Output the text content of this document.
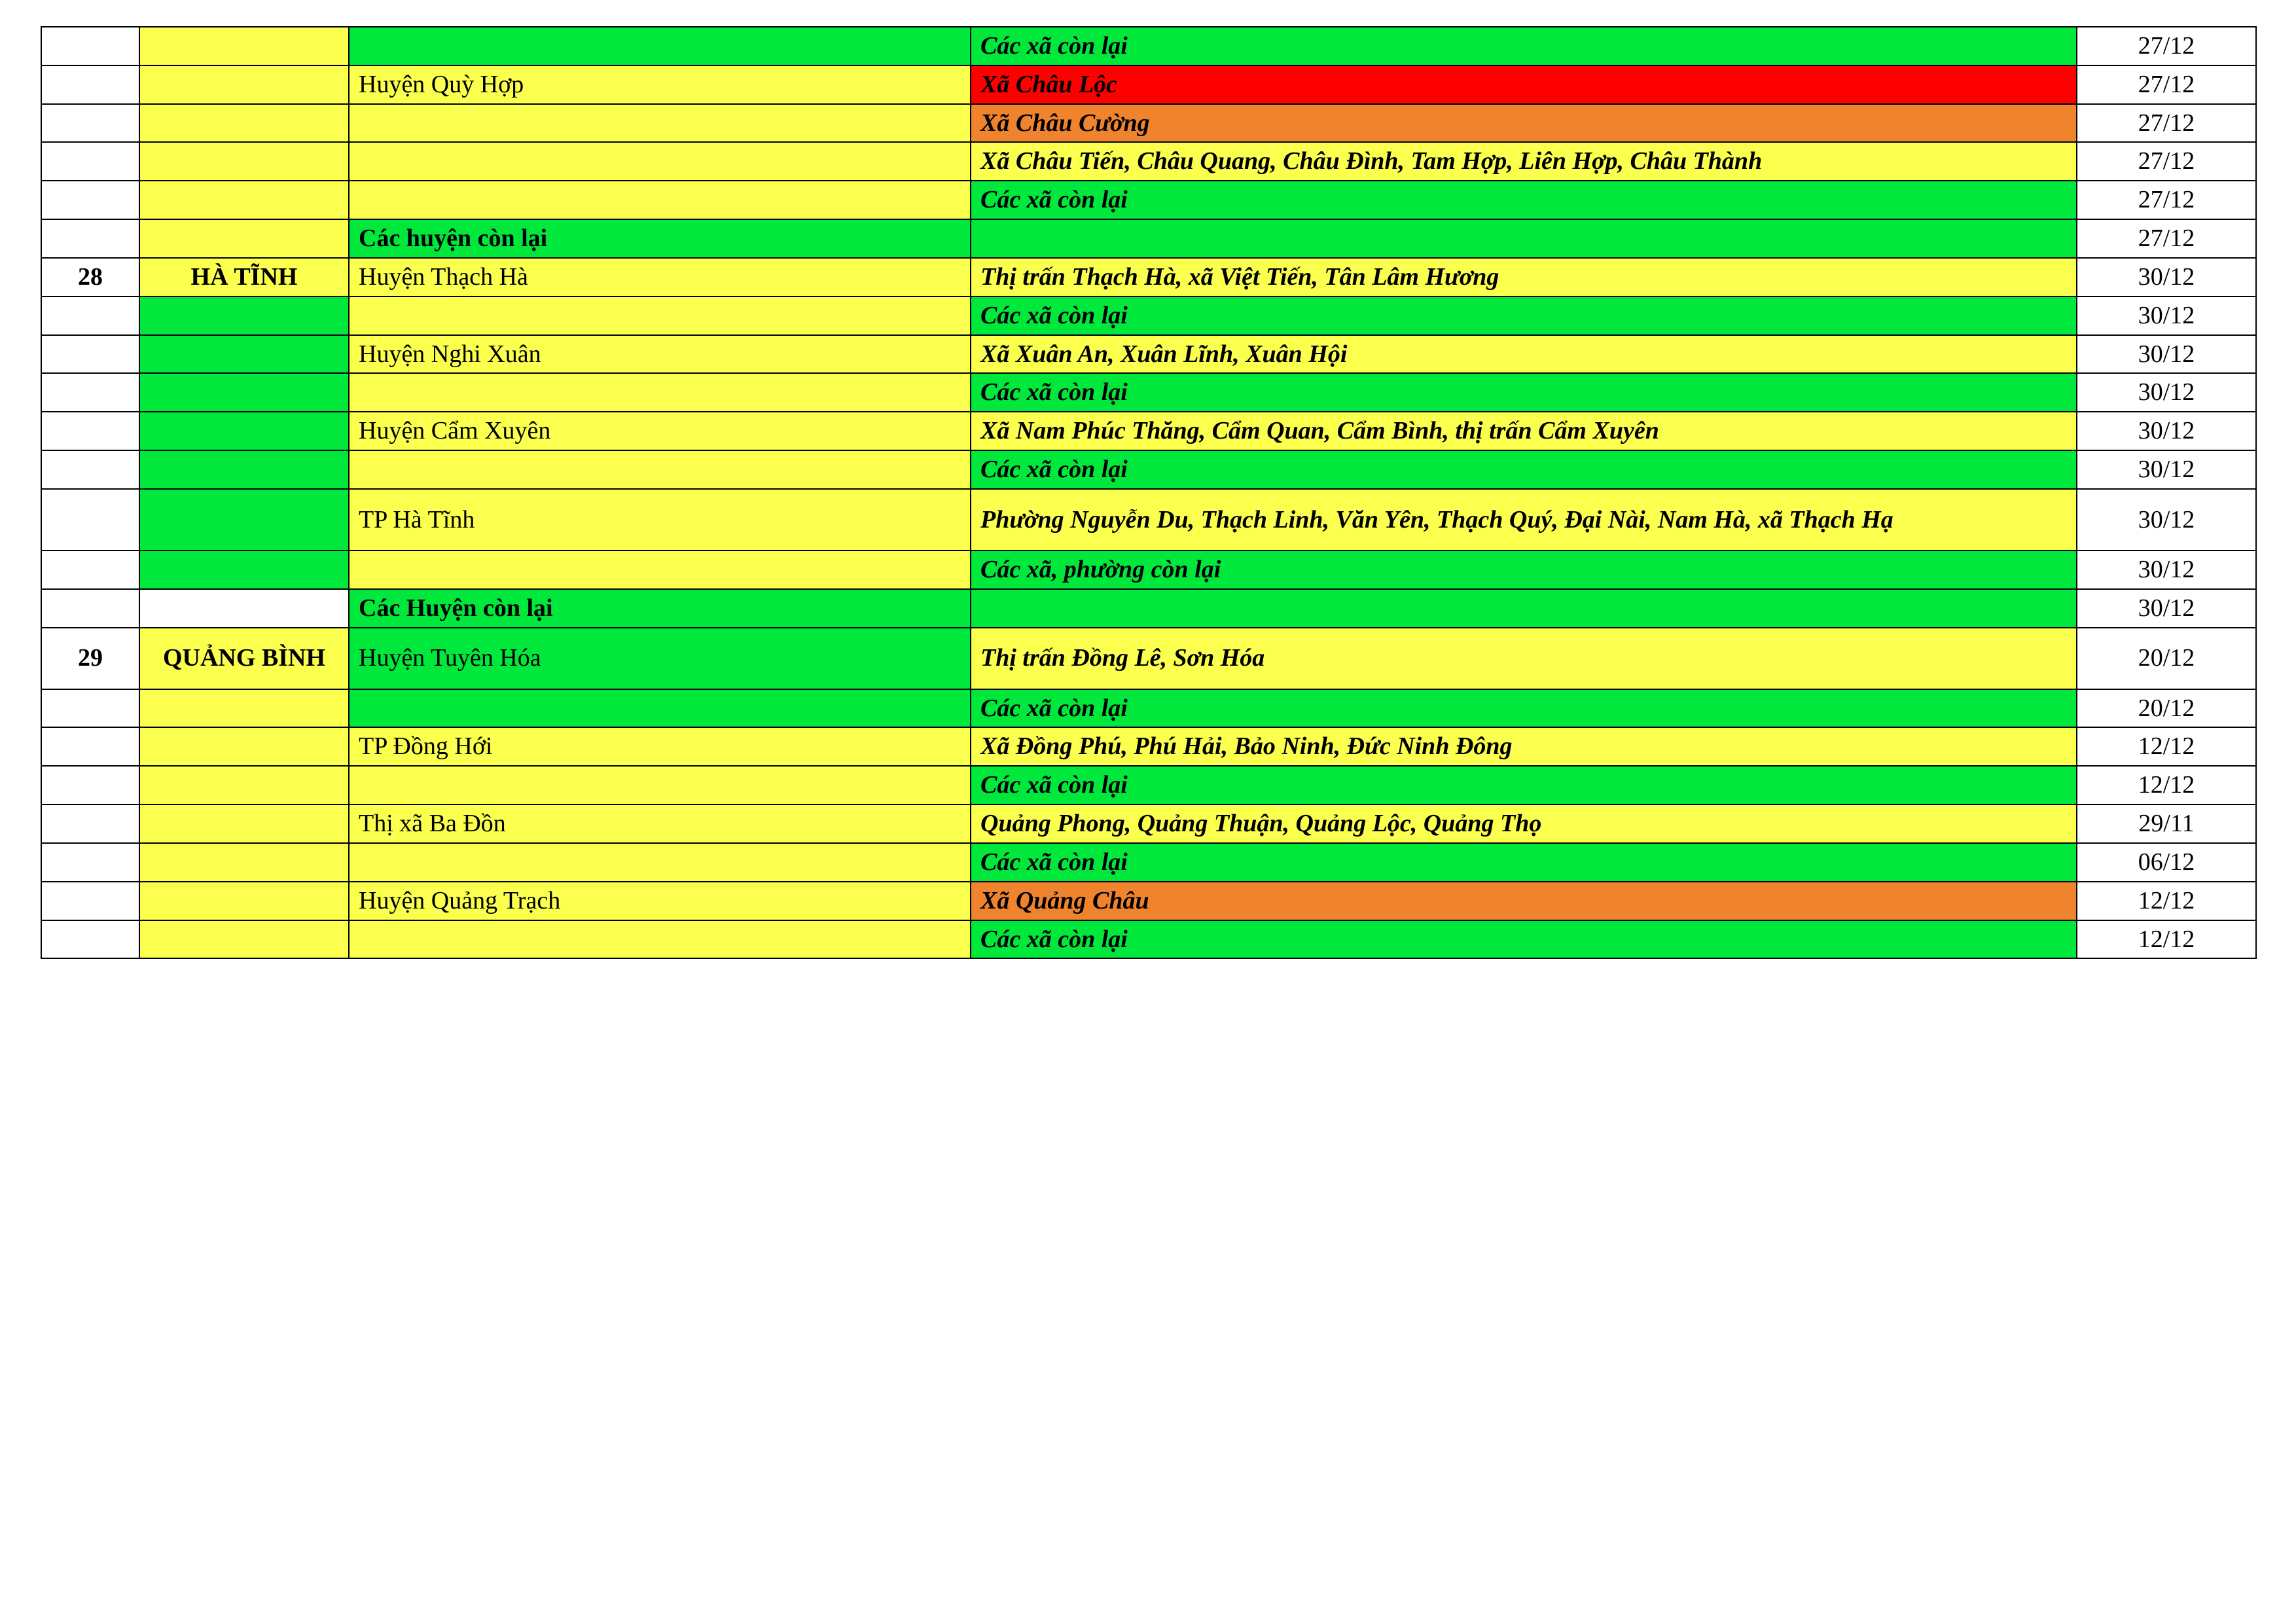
			Các xã còn lại	27/12
		Huyện Quỳ Hợp	Xã Châu Lộc	27/12
			Xã Châu Cường	27/12
			Xã Châu Tiến, Châu Quang, Châu Đình, Tam Hợp, Liên Hợp, Châu Thành	27/12
			Các xã còn lại	27/12
		Các huyện còn lại		27/12
28	HÀ TĨNH	Huyện Thạch Hà	Thị trấn Thạch Hà, xã Việt Tiến, Tân Lâm Hương	30/12
			Các xã còn lại	30/12
		Huyện Nghi Xuân	Xã Xuân An, Xuân Lĩnh, Xuân Hội	30/12
			Các xã còn lại	30/12
		Huyện Cẩm Xuyên	Xã Nam Phúc Thăng, Cẩm Quan, Cẩm Bình, thị trấn Cẩm Xuyên	30/12
			Các xã còn lại	30/12
		TP Hà Tĩnh	Phường Nguyễn Du, Thạch Linh, Văn Yên, Thạch Quý, Đại Nài, Nam Hà, xã Thạch Hạ	30/12
			Các xã, phường còn lại	30/12
		Các Huyện còn lại		30/12
29	QUẢNG BÌNH	Huyện Tuyên Hóa	Thị trấn Đồng Lê, Sơn Hóa	20/12
			Các xã còn lại	20/12
		TP Đồng Hới	Xã Đồng Phú, Phú Hải, Bảo Ninh, Đức Ninh Đông	12/12
			Các xã còn lại	12/12
		Thị xã Ba Đồn	Quảng Phong, Quảng Thuận, Quảng Lộc, Quảng Thọ	29/11
			Các xã còn lại	06/12
		Huyện Quảng Trạch	Xã Quảng Châu	12/12
			Các xã còn lại	12/12
